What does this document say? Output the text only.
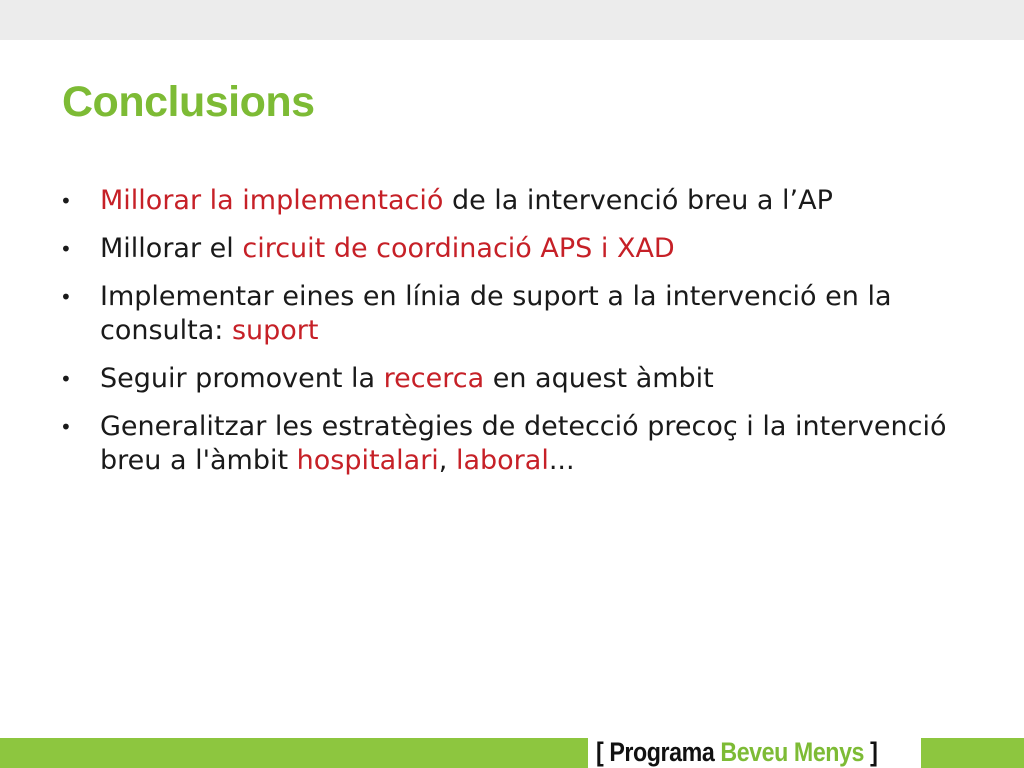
Conclusions
• Millorar la implementació de la intervenció breu a l’AP
• Millorar el circuit de coordinació APS i XAD
• Implementar eines en línia de suport a la intervenció en la consulta: suport
• Seguir promovent la recerca en aquest àmbit
• Generalitzar les estratègies de detecció precoç i la intervenció breu a l'àmbit hospitalari, laboral...
[ Programa Beveu Menys ]
